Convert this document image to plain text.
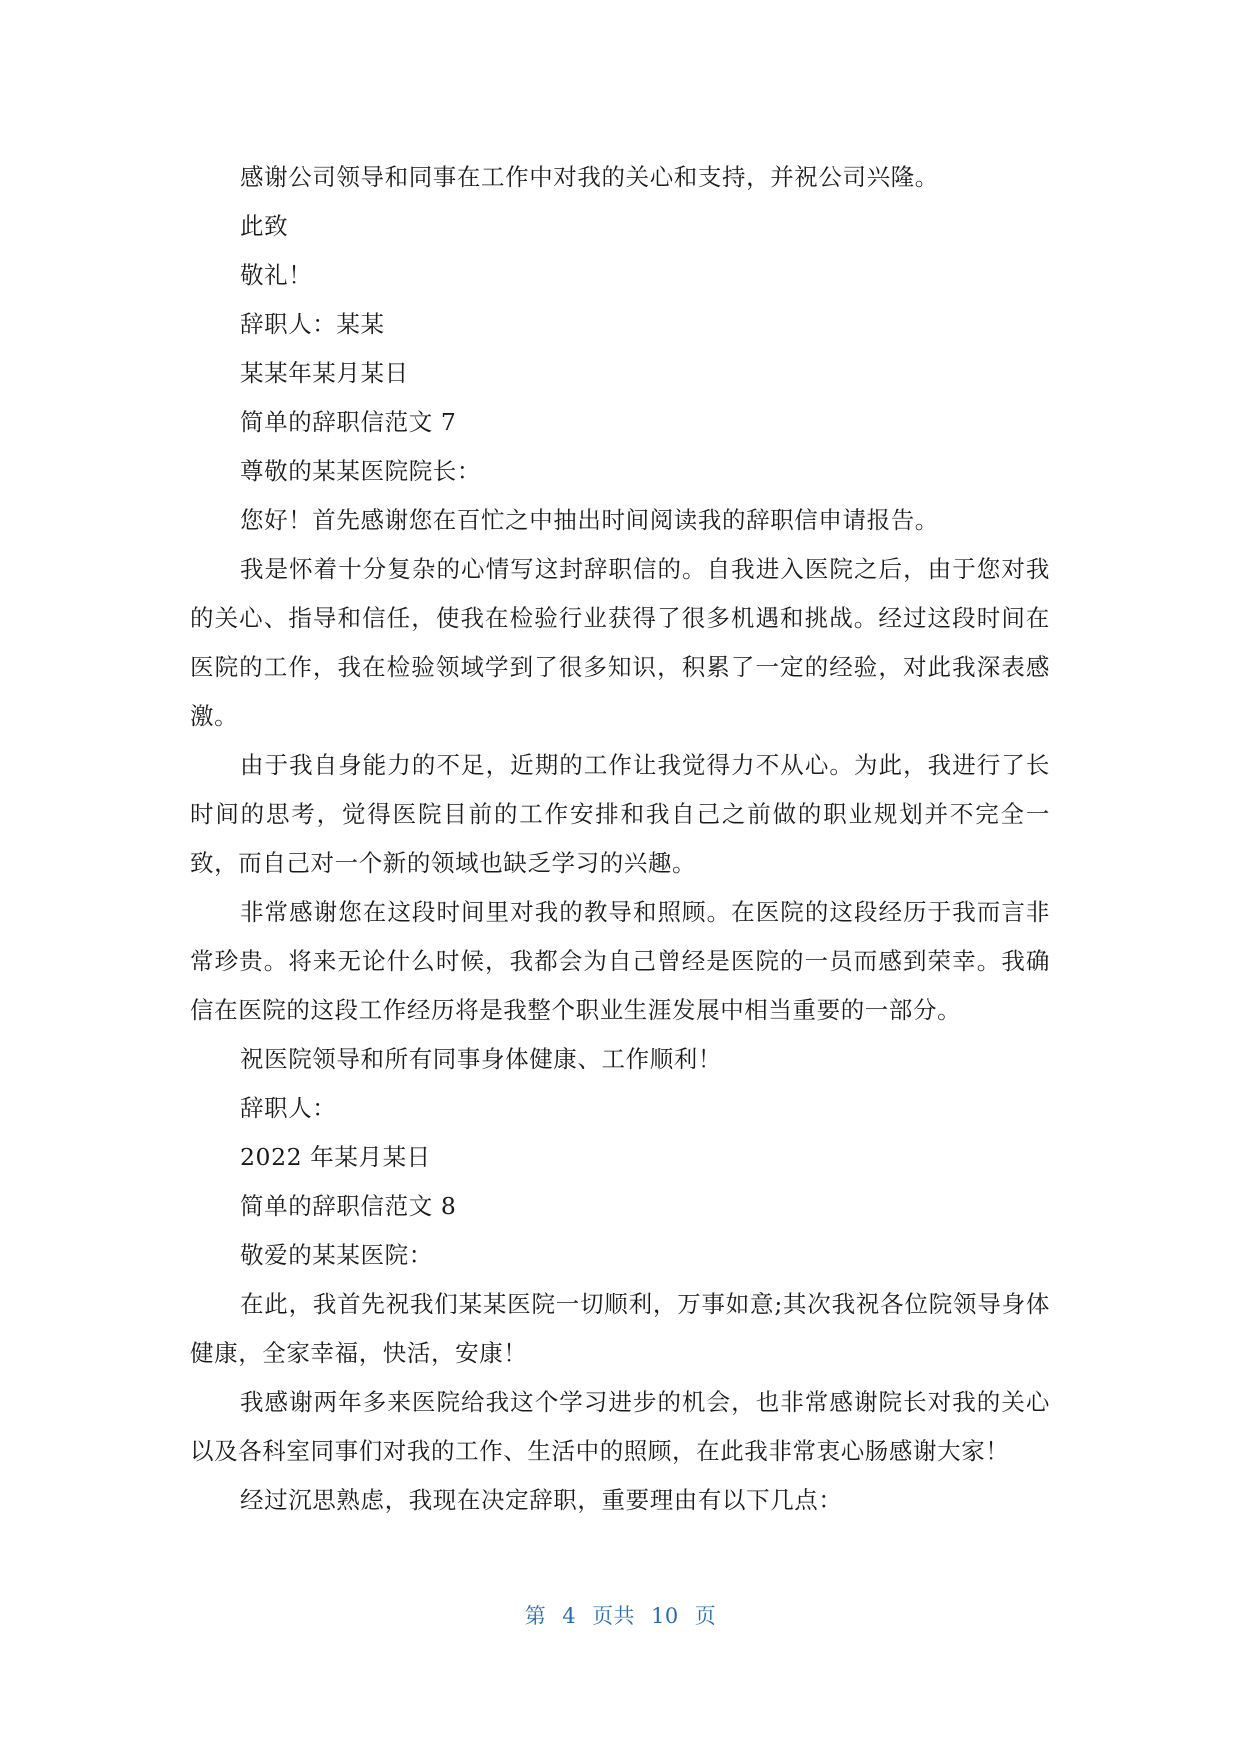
感谢公司领导和同事在工作中对我的关心和支持，并祝公司兴隆。
此致
敬礼！
辞职人：某某
某某年某月某日
简单的辞职信范文 7
尊敬的某某医院院长：
您好！首先感谢您在百忙之中抽出时间阅读我的辞职信申请报告。
我是怀着十分复杂的心情写这封辞职信的。自我进入医院之后，由于您对我的关心、指导和信任，使我在检验行业获得了很多机遇和挑战。经过这段时间在医院的工作，我在检验领域学到了很多知识，积累了一定的经验，对此我深表感激。
由于我自身能力的不足，近期的工作让我觉得力不从心。为此，我进行了长时间的思考，觉得医院目前的工作安排和我自己之前做的职业规划并不完全一致，而自己对一个新的领域也缺乏学习的兴趣。
非常感谢您在这段时间里对我的教导和照顾。在医院的这段经历于我而言非常珍贵。将来无论什么时候，我都会为自己曾经是医院的一员而感到荣幸。我确信在医院的这段工作经历将是我整个职业生涯发展中相当重要的一部分。
祝医院领导和所有同事身体健康、工作顺利！
辞职人：
2022 年某月某日
简单的辞职信范文 8
敬爱的某某医院：
在此，我首先祝我们某某医院一切顺利，万事如意;其次我祝各位院领导身体健康，全家幸福，快活，安康！
我感谢两年多来医院给我这个学习进步的机会，也非常感谢院长对我的关心以及各科室同事们对我的工作、生活中的照顾，在此我非常衷心肠感谢大家！
经过沉思熟虑，我现在决定辞职，重要理由有以下几点：
第 4 页共 10 页
